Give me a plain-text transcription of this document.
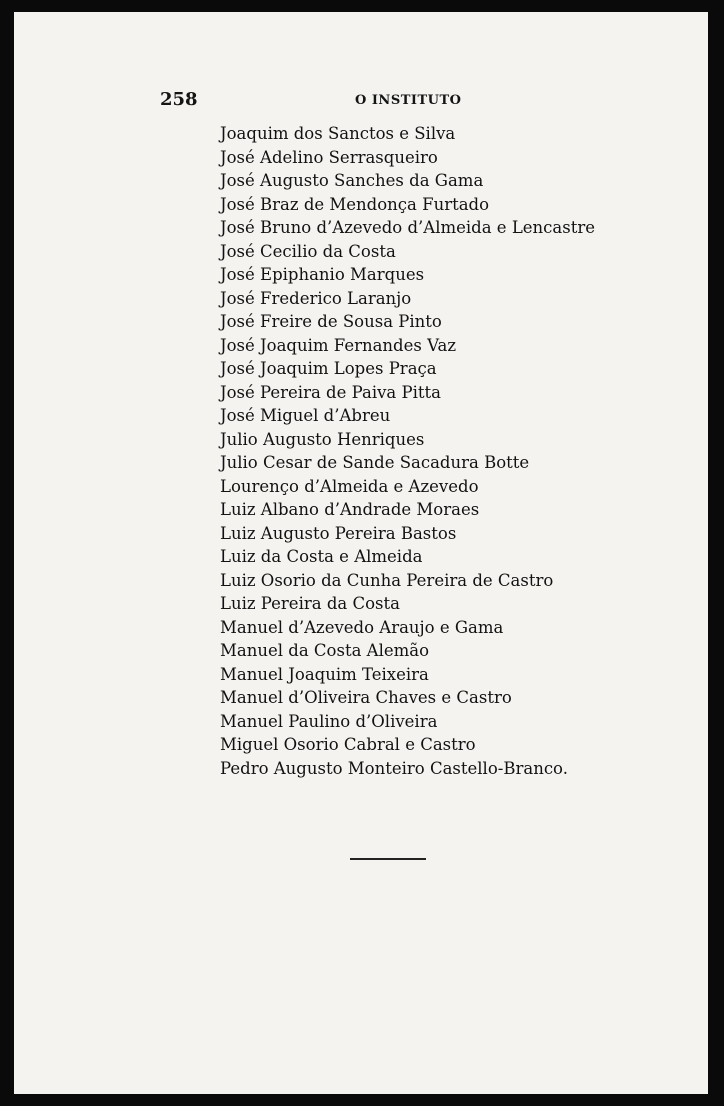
258	O INSTITUTO
Joaquim dos Sanctos e Silva
José Adelino Serrasqueiro
José Augusto Sanches da Gama
José Braz de Mendonça Furtado
José Bruno d’Azevedo d’Almeida e Lencastre
José Cecilio da Costa
José Epiphanio Marques
José Frederico Laranjo
José Freire de Sousa Pinto
José Joaquim Fernandes Vaz
José Joaquim Lopes Praça
José Pereira de Paiva Pitta
José Miguel d’Abreu
Julio Augusto Henriques
Julio Cesar de Sande Sacadura Botte
Lourenço d’Almeida e Azevedo
Luiz Albano d’Andrade Moraes
Luiz Augusto Pereira Bastos
Luiz da Costa e Almeida
Luiz Osorio da Cunha Pereira de Castro
Luiz Pereira da Costa
Manuel d’Azevedo Araujo e Gama
Manuel da Costa Alemão
Manuel Joaquim Teixeira
Manuel d’Oliveira Chaves e Castro
Manuel Paulino d’Oliveira
Miguel Osorio Cabral e Castro
Pedro Augusto Monteiro Castello-Branco.
